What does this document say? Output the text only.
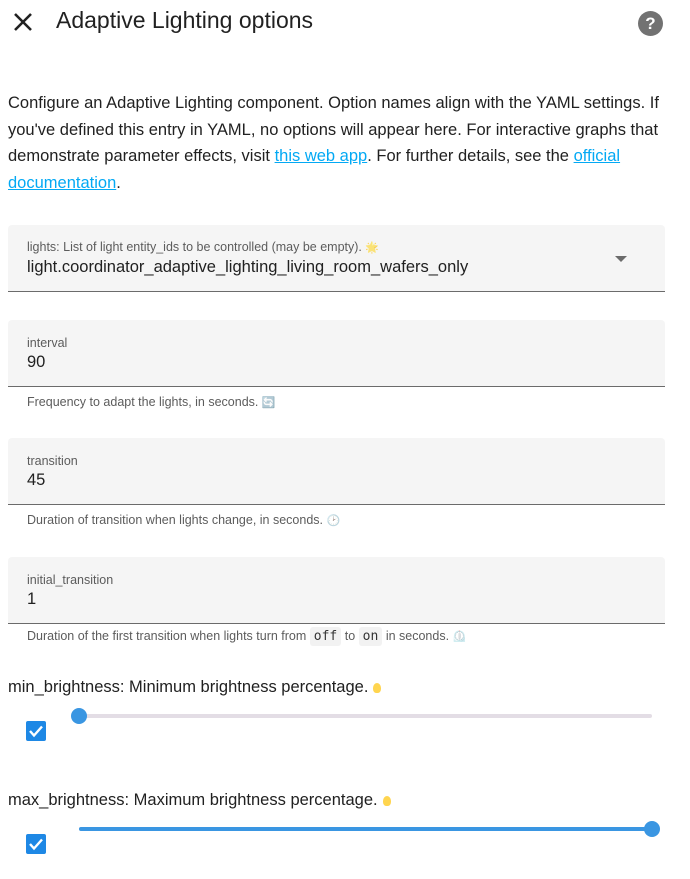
Adaptive Lighting options	?
Configure an Adaptive Lighting component. Option names align with the YAML settings. If you've defined this entry in YAML, no options will appear here. For interactive graphs that demonstrate parameter effects, visit this web app. For further details, see the official documentation.
lights: List of light entity_ids to be controlled (may be empty). 🌟
light.coordinator_adaptive_lighting_living_room_wafers_only
interval
90
Frequency to adapt the lights, in seconds. 🔄
transition
45
Duration of transition when lights change, in seconds. 🕑
initial_transition
1
Duration of the first transition when lights turn from off to on in seconds. ⏲️
min_brightness: Minimum brightness percentage.
max_brightness: Maximum brightness percentage.
